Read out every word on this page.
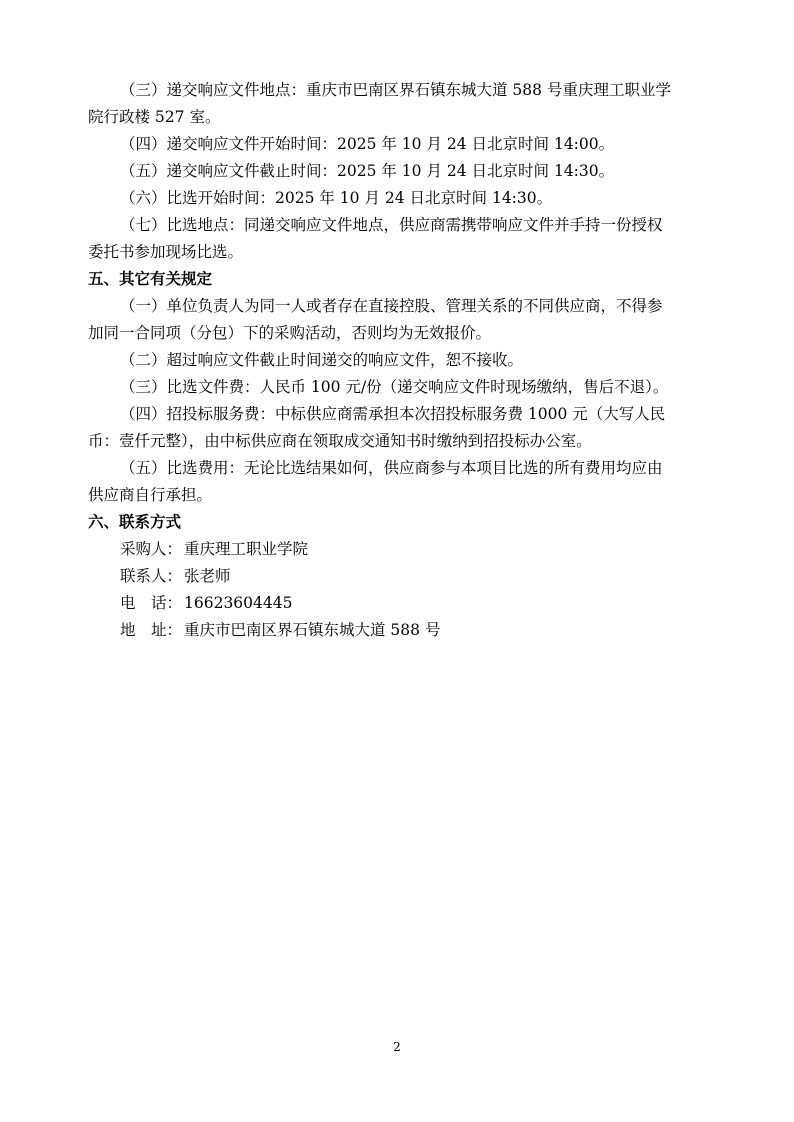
（三）递交响应文件地点：重庆市巴南区界石镇东城大道 588 号重庆理工职业学
院行政楼 527 室。
（四）递交响应文件开始时间：2025 年 10 月 24 日北京时间 14:00。
（五）递交响应文件截止时间：2025 年 10 月 24 日北京时间 14:30。
（六）比选开始时间：2025 年 10 月 24 日北京时间 14:30。
（七）比选地点：同递交响应文件地点，供应商需携带响应文件并手持一份授权
委托书参加现场比选。
五、其它有关规定
（一）单位负责人为同一人或者存在直接控股、管理关系的不同供应商，不得参
加同一合同项（分包）下的采购活动，否则均为无效报价。
（二）超过响应文件截止时间递交的响应文件，恕不接收。
（三）比选文件费：人民币 100 元/份（递交响应文件时现场缴纳，售后不退）。
（四）招投标服务费：中标供应商需承担本次招投标服务费 1000 元（大写人民
币：壹仟元整），由中标供应商在领取成交通知书时缴纳到招投标办公室。
（五）比选费用：无论比选结果如何，供应商参与本项目比选的所有费用均应由
供应商自行承担。
六、联系方式
采购人： 重庆理工职业学院
联系人： 张老师
电　话： 16623604445
地　址： 重庆市巴南区界石镇东城大道 588 号
2
